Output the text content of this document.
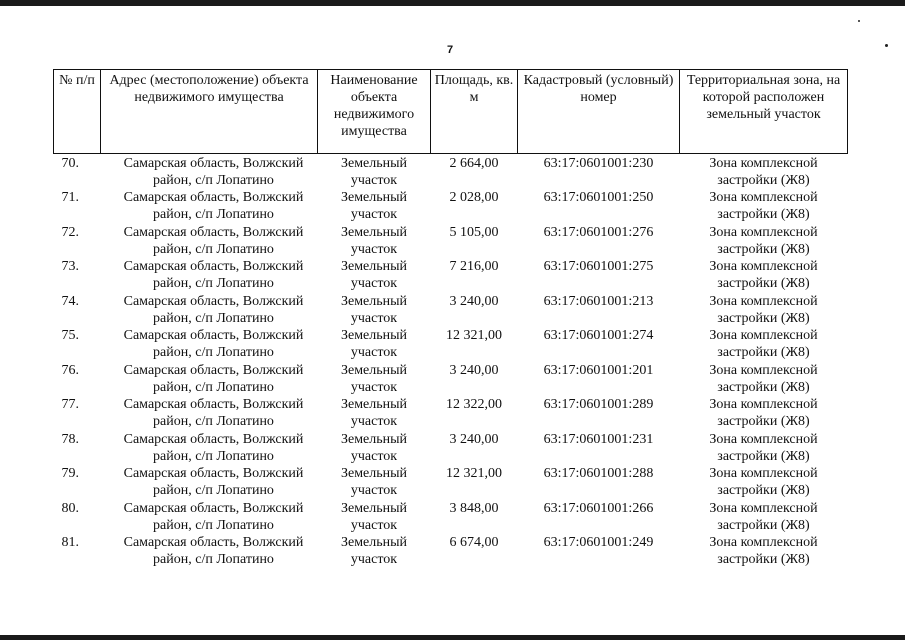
7
№ п/п	Адрес (местоположение) объекта недвижимого имущества	Наименование объекта недвижимого имущества	Площадь, кв. м	Кадастровый (условный) номер	Территориальная зона, на которой расположен земельный участок
70.	Самарская область, Волжский район, с/п Лопатино	Земельный участок	2 664,00	63:17:0601001:230	Зона комплексной застройки (Ж8)
71.	Самарская область, Волжский район, с/п Лопатино	Земельный участок	2 028,00	63:17:0601001:250	Зона комплексной застройки (Ж8)
72.	Самарская область, Волжский район, с/п Лопатино	Земельный участок	5 105,00	63:17:0601001:276	Зона комплексной застройки (Ж8)
73.	Самарская область, Волжский район, с/п Лопатино	Земельный участок	7 216,00	63:17:0601001:275	Зона комплексной застройки (Ж8)
74.	Самарская область, Волжский район, с/п Лопатино	Земельный участок	3 240,00	63:17:0601001:213	Зона комплексной застройки (Ж8)
75.	Самарская область, Волжский район, с/п Лопатино	Земельный участок	12 321,00	63:17:0601001:274	Зона комплексной застройки (Ж8)
76.	Самарская область, Волжский район, с/п Лопатино	Земельный участок	3 240,00	63:17:0601001:201	Зона комплексной застройки (Ж8)
77.	Самарская область, Волжский район, с/п Лопатино	Земельный участок	12 322,00	63:17:0601001:289	Зона комплексной застройки (Ж8)
78.	Самарская область, Волжский район, с/п Лопатино	Земельный участок	3 240,00	63:17:0601001:231	Зона комплексной застройки (Ж8)
79.	Самарская область, Волжский район, с/п Лопатино	Земельный участок	12 321,00	63:17:0601001:288	Зона комплексной застройки (Ж8)
80.	Самарская область, Волжский район, с/п Лопатино	Земельный участок	3 848,00	63:17:0601001:266	Зона комплексной застройки (Ж8)
81.	Самарская область, Волжский район, с/п Лопатино	Земельный участок	6 674,00	63:17:0601001:249	Зона комплексной застройки (Ж8)
